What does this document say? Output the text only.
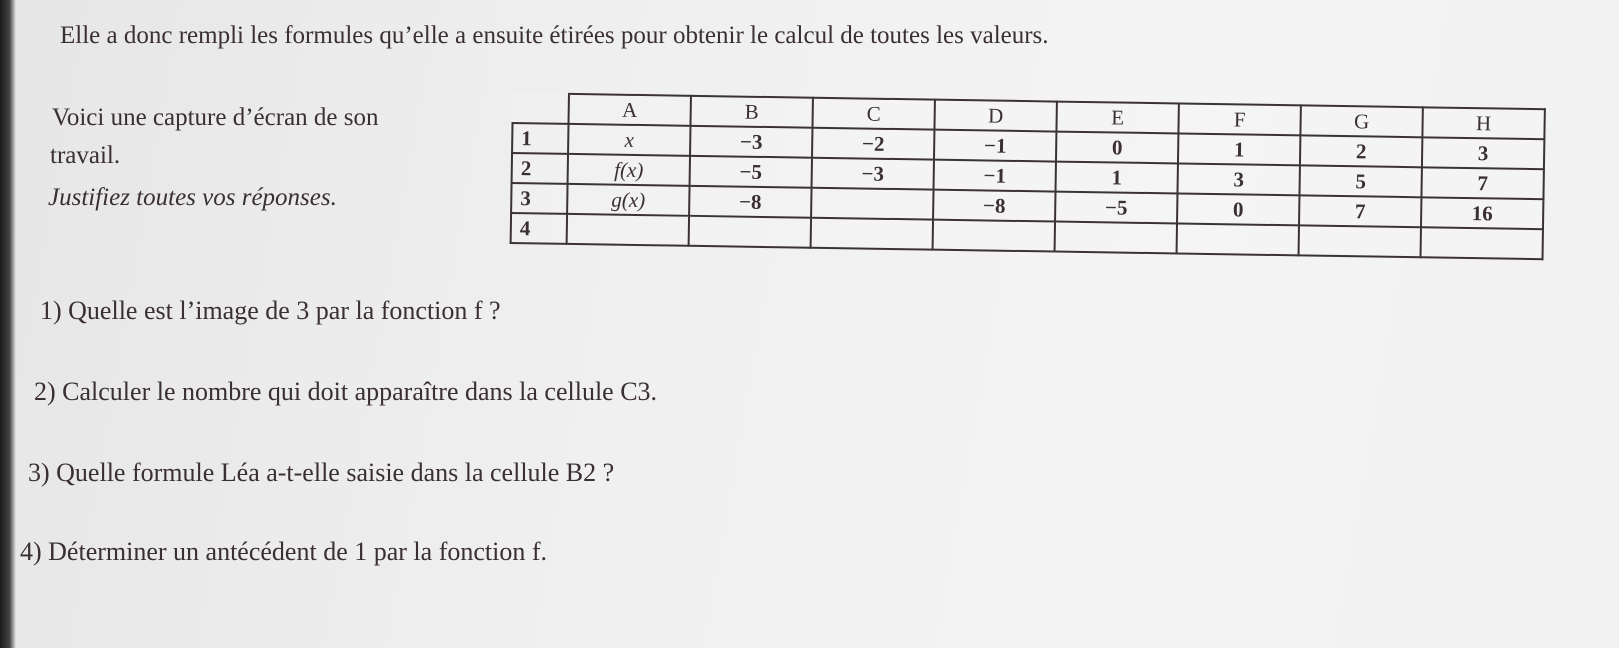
Elle a donc rempli les formules qu’elle a ensuite étirées pour obtenir le calcul de toutes les valeurs.
Voici une capture d’écran de son
travail.
Justifiez toutes vos réponses.
	A	B	C	D	E	F	G	H
1	x	−3	−2	−1	0	1	2	3
2	f(x)	−5	−3	−1	1	3	5	7
3	g(x)	−8		−8	−5	0	7	16
4								
1) Quelle est l’image de 3 par la fonction f ?
2) Calculer le nombre qui doit apparaître dans la cellule C3.
3) Quelle formule Léa a-t-elle saisie dans la cellule B2 ?
4) Déterminer un antécédent de 1 par la fonction f.
